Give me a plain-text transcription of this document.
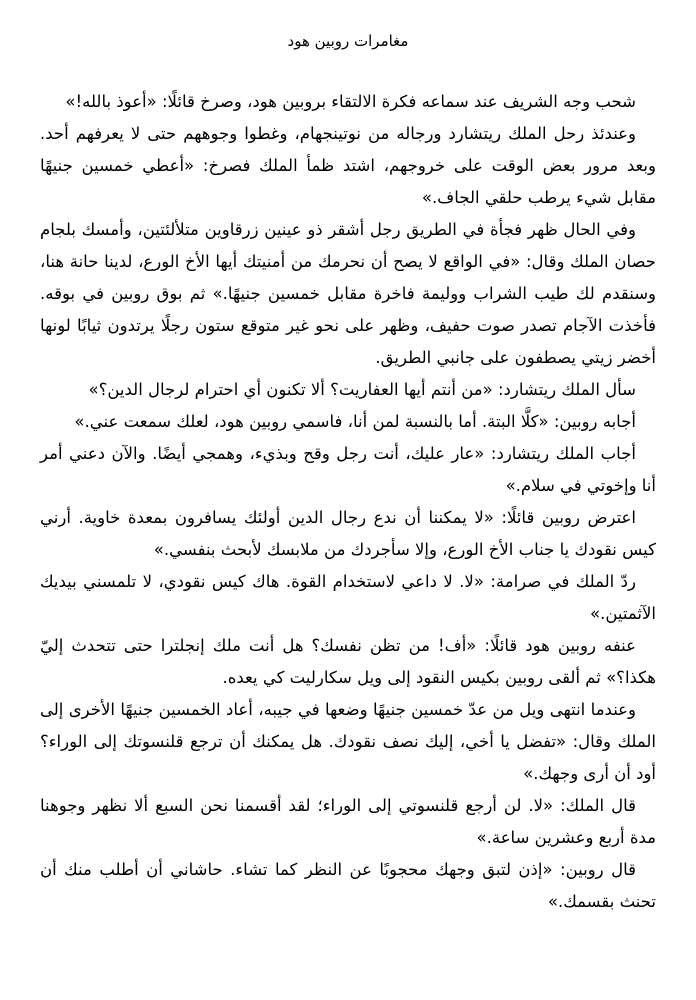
مغامرات روبين هود

شحب وجه الشريف عند سماعه فكرة الالتقاء بروبين هود، وصرخ قائلًا: «أعوذ بالله!»

وعندئذ رحل الملك ريتشارد ورجاله من نوتينجهام، وغطوا وجوههم حتى لا يعرفهم أحد. وبعد مرور بعض الوقت على خروجهم، اشتد ظمأ الملك فصرخ: «أعطي خمسين جنيهًا مقابل شيء يرطب حلقي الجاف.»

وفي الحال ظهر فجأة في الطريق رجل أشقر ذو عينين زرقاوين متلألئتين، وأمسك بلجام حصان الملك وقال: «في الواقع لا يصح أن نحرمك من أمنيتك أيها الأخ الورع، لدينا حانة هنا، وسنقدم لك طيب الشراب ووليمة فاخرة مقابل خمسين جنيهًا.» ثم بوق روبين في بوقه. فأخذت الآجام تصدر صوت حفيف، وظهر على نحو غير متوقع ستون رجلًا يرتدون ثيابًا لونها أخضر زيتي يصطفون على جانبي الطريق.

سأل الملك ريتشارد: «من أنتم أيها العفاريت؟ ألا تكنون أي احترام لرجال الدين؟»

أجابه روبين: «كلَّا البتة. أما بالنسبة لمن أنا، فاسمي روبين هود، لعلك سمعت عني.»

أجاب الملك ريتشارد: «عار عليك، أنت رجل وقح وبذيء، وهمجي أيضًا. والآن دعني أمر أنا وإخوتي في سلام.»

اعترض روبين قائلًا: «لا يمكننا أن ندع رجال الدين أولئك يسافرون بمعدة خاوية. أرني كيس نقودك يا جناب الأخ الورع، وإلا سأجردك من ملابسك لأبحث بنفسي.»

ردّ الملك في صرامة: «لا. لا داعي لاستخدام القوة. هاك كيس نقودي، لا تلمسني بيديك الآثمتين.»

عنفه روبين هود قائلًا: «أف! من تظن نفسك؟ هل أنت ملك إنجلترا حتى تتحدث إليّ هكذا؟» ثم ألقى روبين بكيس النقود إلى ويل سكارليت كي يعده.

وعندما انتهى ويل من عدّ خمسين جنيهًا وضعها في جيبه، أعاد الخمسين جنيهًا الأخرى إلى الملك وقال: «تفضل يا أخي، إليك نصف نقودك. هل يمكنك أن ترجع قلنسوتك إلى الوراء؟ أود أن أرى وجهك.»

قال الملك: «لا. لن أرجع قلنسوتي إلى الوراء؛ لقد أقسمنا نحن السبع ألا نظهر وجوهنا مدة أربع وعشرين ساعة.»

قال روبين: «إذن لتبق وجهك محجوبًا عن النظر كما تشاء. حاشاني أن أطلب منك أن تحنث بقسمك.»
